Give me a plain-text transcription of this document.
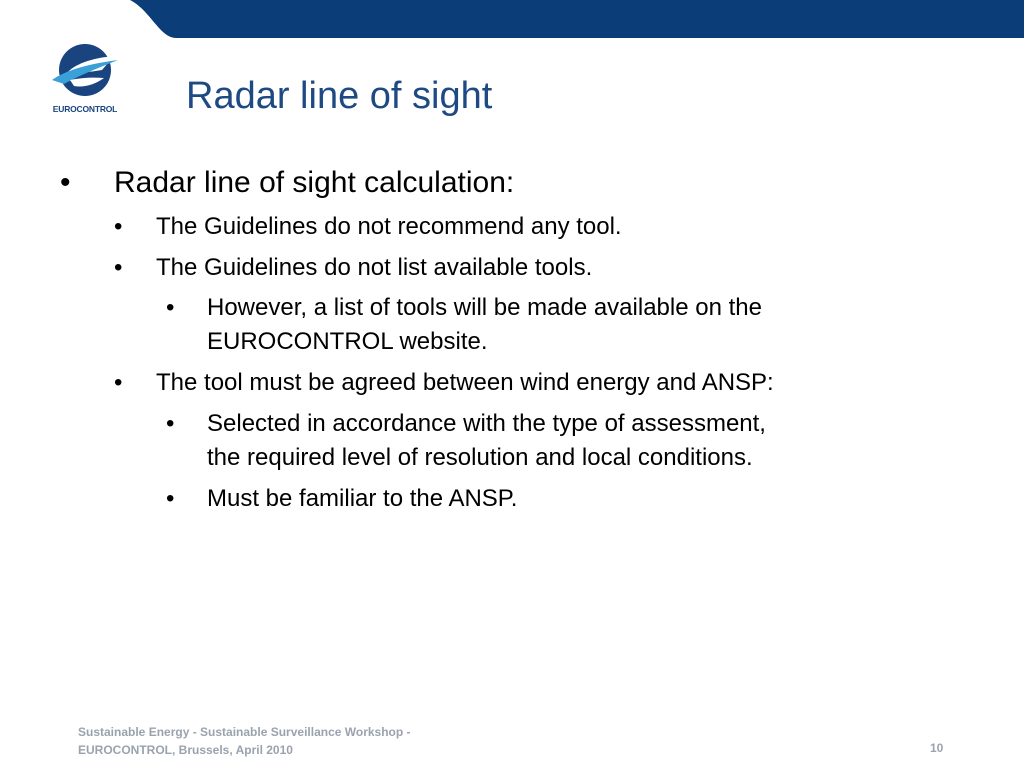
EUROCONTROL Radar line of sight
• Radar line of sight calculation:
• The Guidelines do not recommend any tool.
• The Guidelines do not list available tools.
• However, a list of tools will be made available on the
EUROCONTROL website.
• The tool must be agreed between wind energy and ANSP:
• Selected in accordance with the type of assessment,
the required level of resolution and local conditions.
• Must be familiar to the ANSP.
Sustainable Energy - Sustainable Surveillance Workshop -
EUROCONTROL, Brussels, April 2010	10
